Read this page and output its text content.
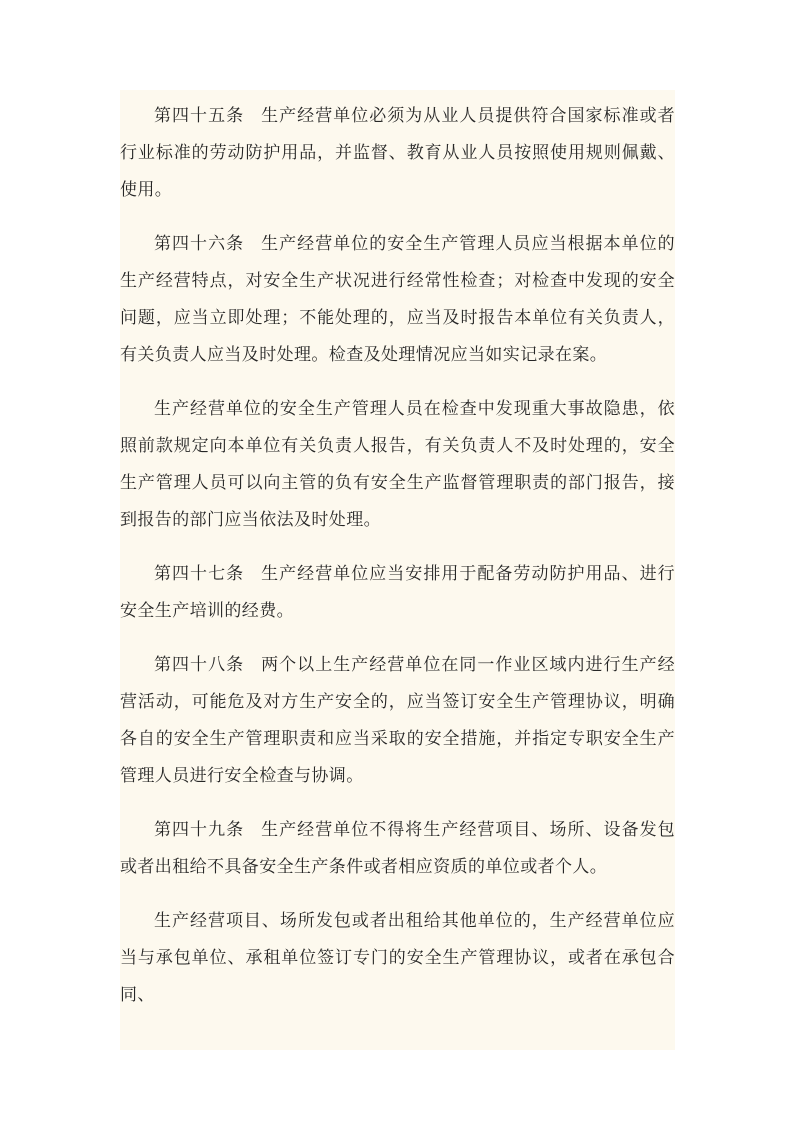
第四十五条 生产经营单位必须为从业人员提供符合国家标准或者行业标准的劳动防护用品，并监督、教育从业人员按照使用规则佩戴、使用。

第四十六条 生产经营单位的安全生产管理人员应当根据本单位的生产经营特点，对安全生产状况进行经常性检查；对检查中发现的安全问题，应当立即处理；不能处理的，应当及时报告本单位有关负责人，有关负责人应当及时处理。检查及处理情况应当如实记录在案。

生产经营单位的安全生产管理人员在检查中发现重大事故隐患，依照前款规定向本单位有关负责人报告，有关负责人不及时处理的，安全生产管理人员可以向主管的负有安全生产监督管理职责的部门报告，接到报告的部门应当依法及时处理。

第四十七条 生产经营单位应当安排用于配备劳动防护用品、进行安全生产培训的经费。

第四十八条 两个以上生产经营单位在同一作业区域内进行生产经营活动，可能危及对方生产安全的，应当签订安全生产管理协议，明确各自的安全生产管理职责和应当采取的安全措施，并指定专职安全生产管理人员进行安全检查与协调。

第四十九条 生产经营单位不得将生产经营项目、场所、设备发包或者出租给不具备安全生产条件或者相应资质的单位或者个人。

生产经营项目、场所发包或者出租给其他单位的，生产经营单位应当与承包单位、承租单位签订专门的安全生产管理协议，或者在承包合同、
